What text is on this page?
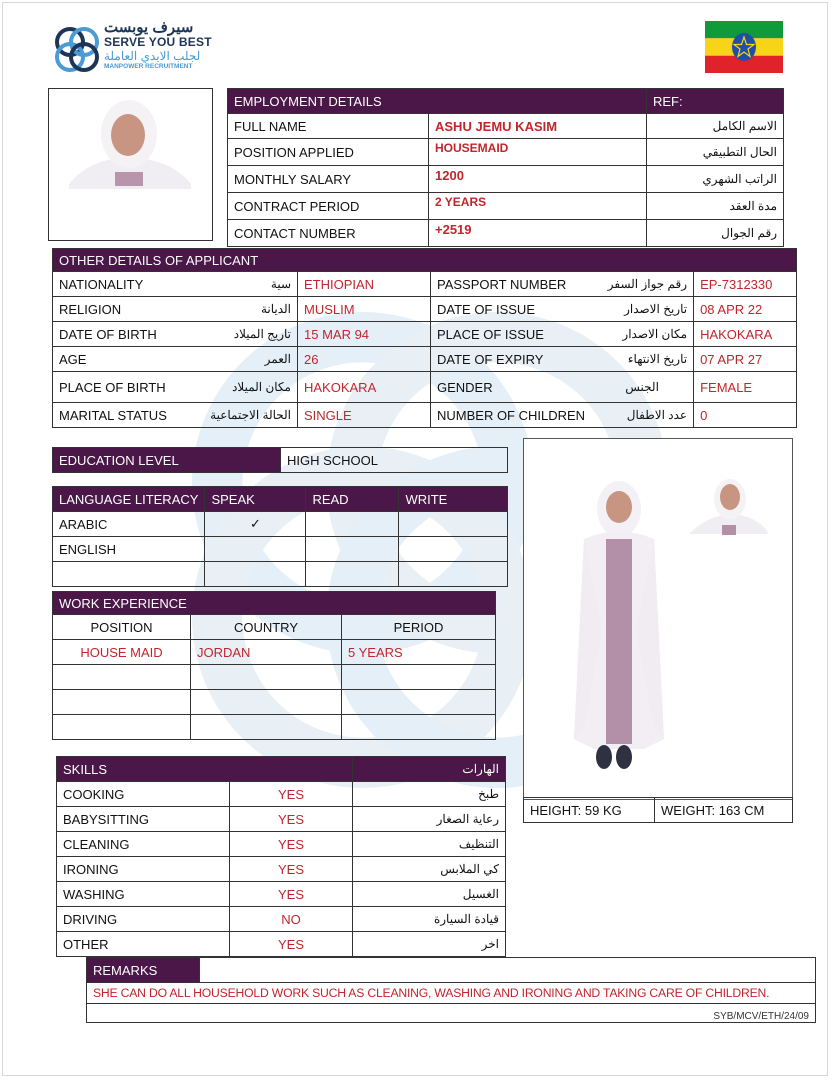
سيرف يوبست
SERVE YOU BEST
لجلب الايدي العاملة
MANPOWER RECRUITMENT
EMPLOYMENT DETAILS		REF:
FULL NAME	ASHU JEMU KASIM	الاسم الكامل
POSITION APPLIED	HOUSEMAID	الحال التطبيقي
MONTHLY SALARY	1200	الراتب الشهري
CONTRACT PERIOD	2 YEARS	مدة العقد
CONTACT NUMBER	+2519	رقم الجوال
OTHER DETAILS OF APPLICANT					
NATIONALITY	سية	ETHIOPIAN	PASSPORT NUMBER	رقم جواز السفر	EP-7312330
RELIGION	الديانة	MUSLIM	DATE OF ISSUE	تاريخ الاصدار	08 APR 22
DATE OF BIRTH	تاريج الميلاد	15 MAR 94	PLACE OF ISSUE	مكان الاصدار	HAKOKARA
AGE	العمر	26	DATE OF EXPIRY	تاريخ الانتهاء	07 APR 27
PLACE OF BIRTH	مكان الميلاد	HAKOKARA	GENDER	الجنس	FEMALE
MARITAL STATUS	الحالة الاجتماعية	SINGLE	NUMBER OF CHILDREN	عدد الاطفال	0
EDUCATION LEVEL	HIGH SCHOOL
LANGUAGE LITERACY	SPEAK	READ	WRITE
ARABIC	✓		
ENGLISH			

WORK EXPERIENCE		
POSITION	COUNTRY	PERIOD
HOUSE MAID	JORDAN	5 YEARS

SKILLS		الهارات
COOKING	YES	طبخ
BABYSITTING	YES	رعاية الصغار
CLEANING	YES	التنظيف
IRONING	YES	كي الملابس
WASHING	YES	الغسيل
DRIVING	NO	قيادة السيارة
OTHER	YES	اخر
HEIGHT: 59 KG	WEIGHT: 163 CM
REMARKS	
SHE CAN DO ALL HOUSEHOLD WORK SUCH AS CLEANING, WASHING AND IRONING AND TAKING CARE OF CHILDREN.
SYB/MCV/ETH/24/09
